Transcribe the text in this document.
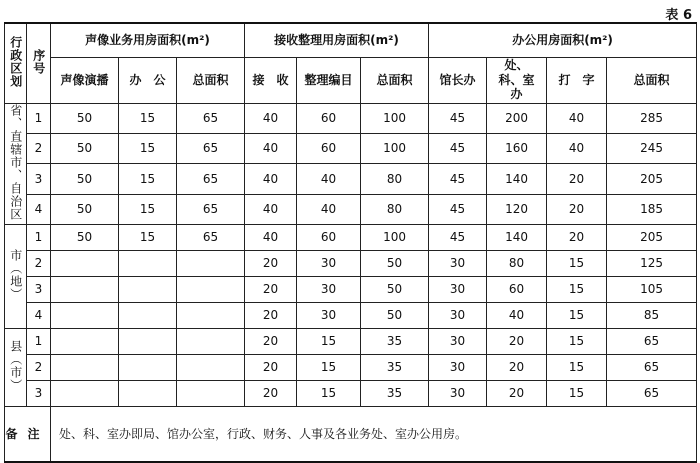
表 6
行政区划	序号	声像业务用房面积(m²)			接收整理用房面积(m²)			办公用房面积(m²)			
		声像演播	办　公	总面积	接　收	整理编目	总面积	馆长办	处、科、室办	打　字	总面积
省、直辖市、自治区	1	50	15	65	40	60	100	45	200	40	285
	2	50	15	65	40	60	100	45	160	40	245
	3	50	15	65	40	40	80	45	140	20	205
	4	50	15	65	40	40	80	45	120	20	185
市（地）	1	50	15	65	40	60	100	45	140	20	205
	2				20	30	50	30	80	15	125
	3				20	30	50	30	60	15	105
	4				20	30	50	30	40	15	85
县（市）	1				20	15	35	30	20	15	65
	2				20	15	35	30	20	15	65
	3				20	15	35	30	20	15	65
备注		处、科、室办即局、馆办公室，行政、财务、人事及各业务处、室办公用房。									
